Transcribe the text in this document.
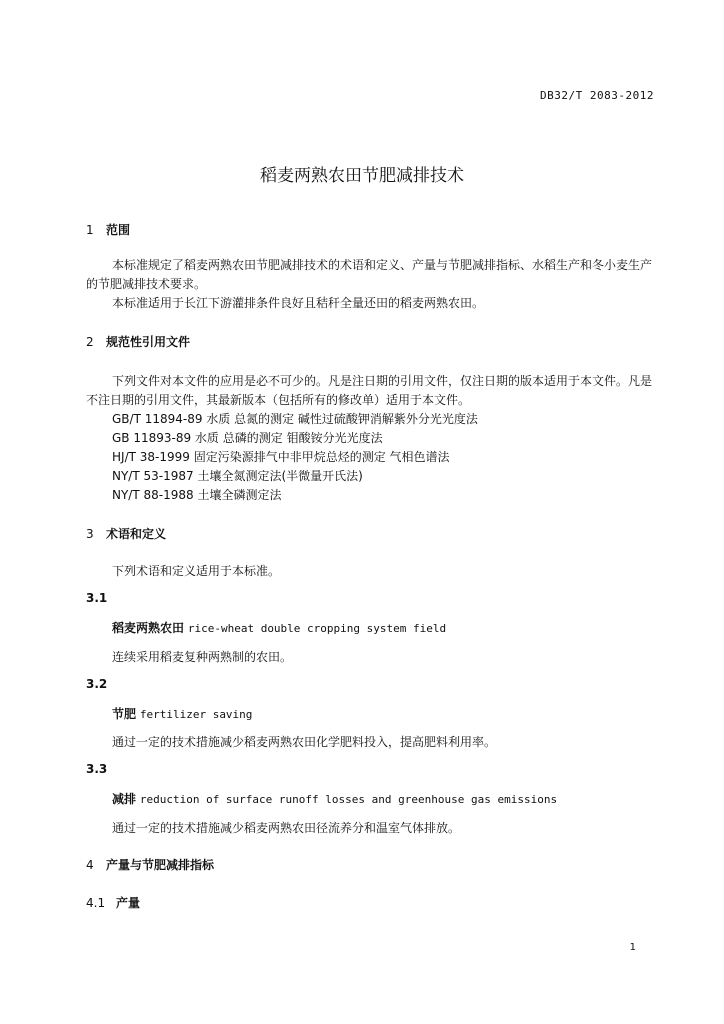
DB32/T 2083-2012
稻麦两熟农田节肥减排技术
1 范围
本标准规定了稻麦两熟农田节肥减排技术的术语和定义、产量与节肥减排指标、水稻生产和冬小麦生产的节肥减排技术要求。
本标准适用于长江下游灌排条件良好且秸秆全量还田的稻麦两熟农田。
2 规范性引用文件
下列文件对本文件的应用是必不可少的。凡是注日期的引用文件，仅注日期的版本适用于本文件。凡是不注日期的引用文件，其最新版本（包括所有的修改单）适用于本文件。
GB/T 11894-89 水质 总氮的测定 碱性过硫酸钾消解紫外分光光度法
GB 11893-89 水质 总磷的测定 钼酸铵分光光度法
HJ/T 38-1999 固定污染源排气中非甲烷总烃的测定 气相色谱法
NY/T 53-1987 土壤全氮测定法(半微量开氏法)
NY/T 88-1988 土壤全磷测定法
3 术语和定义
下列术语和定义适用于本标准。
3.1
稻麦两熟农田 rice-wheat double cropping system field
连续采用稻麦复种两熟制的农田。
3.2
节肥 fertilizer saving
通过一定的技术措施减少稻麦两熟农田化学肥料投入，提高肥料利用率。
3.3
减排 reduction of surface runoff losses and greenhouse gas emissions
通过一定的技术措施减少稻麦两熟农田径流养分和温室气体排放。
4 产量与节肥减排指标
4.1 产量
1
